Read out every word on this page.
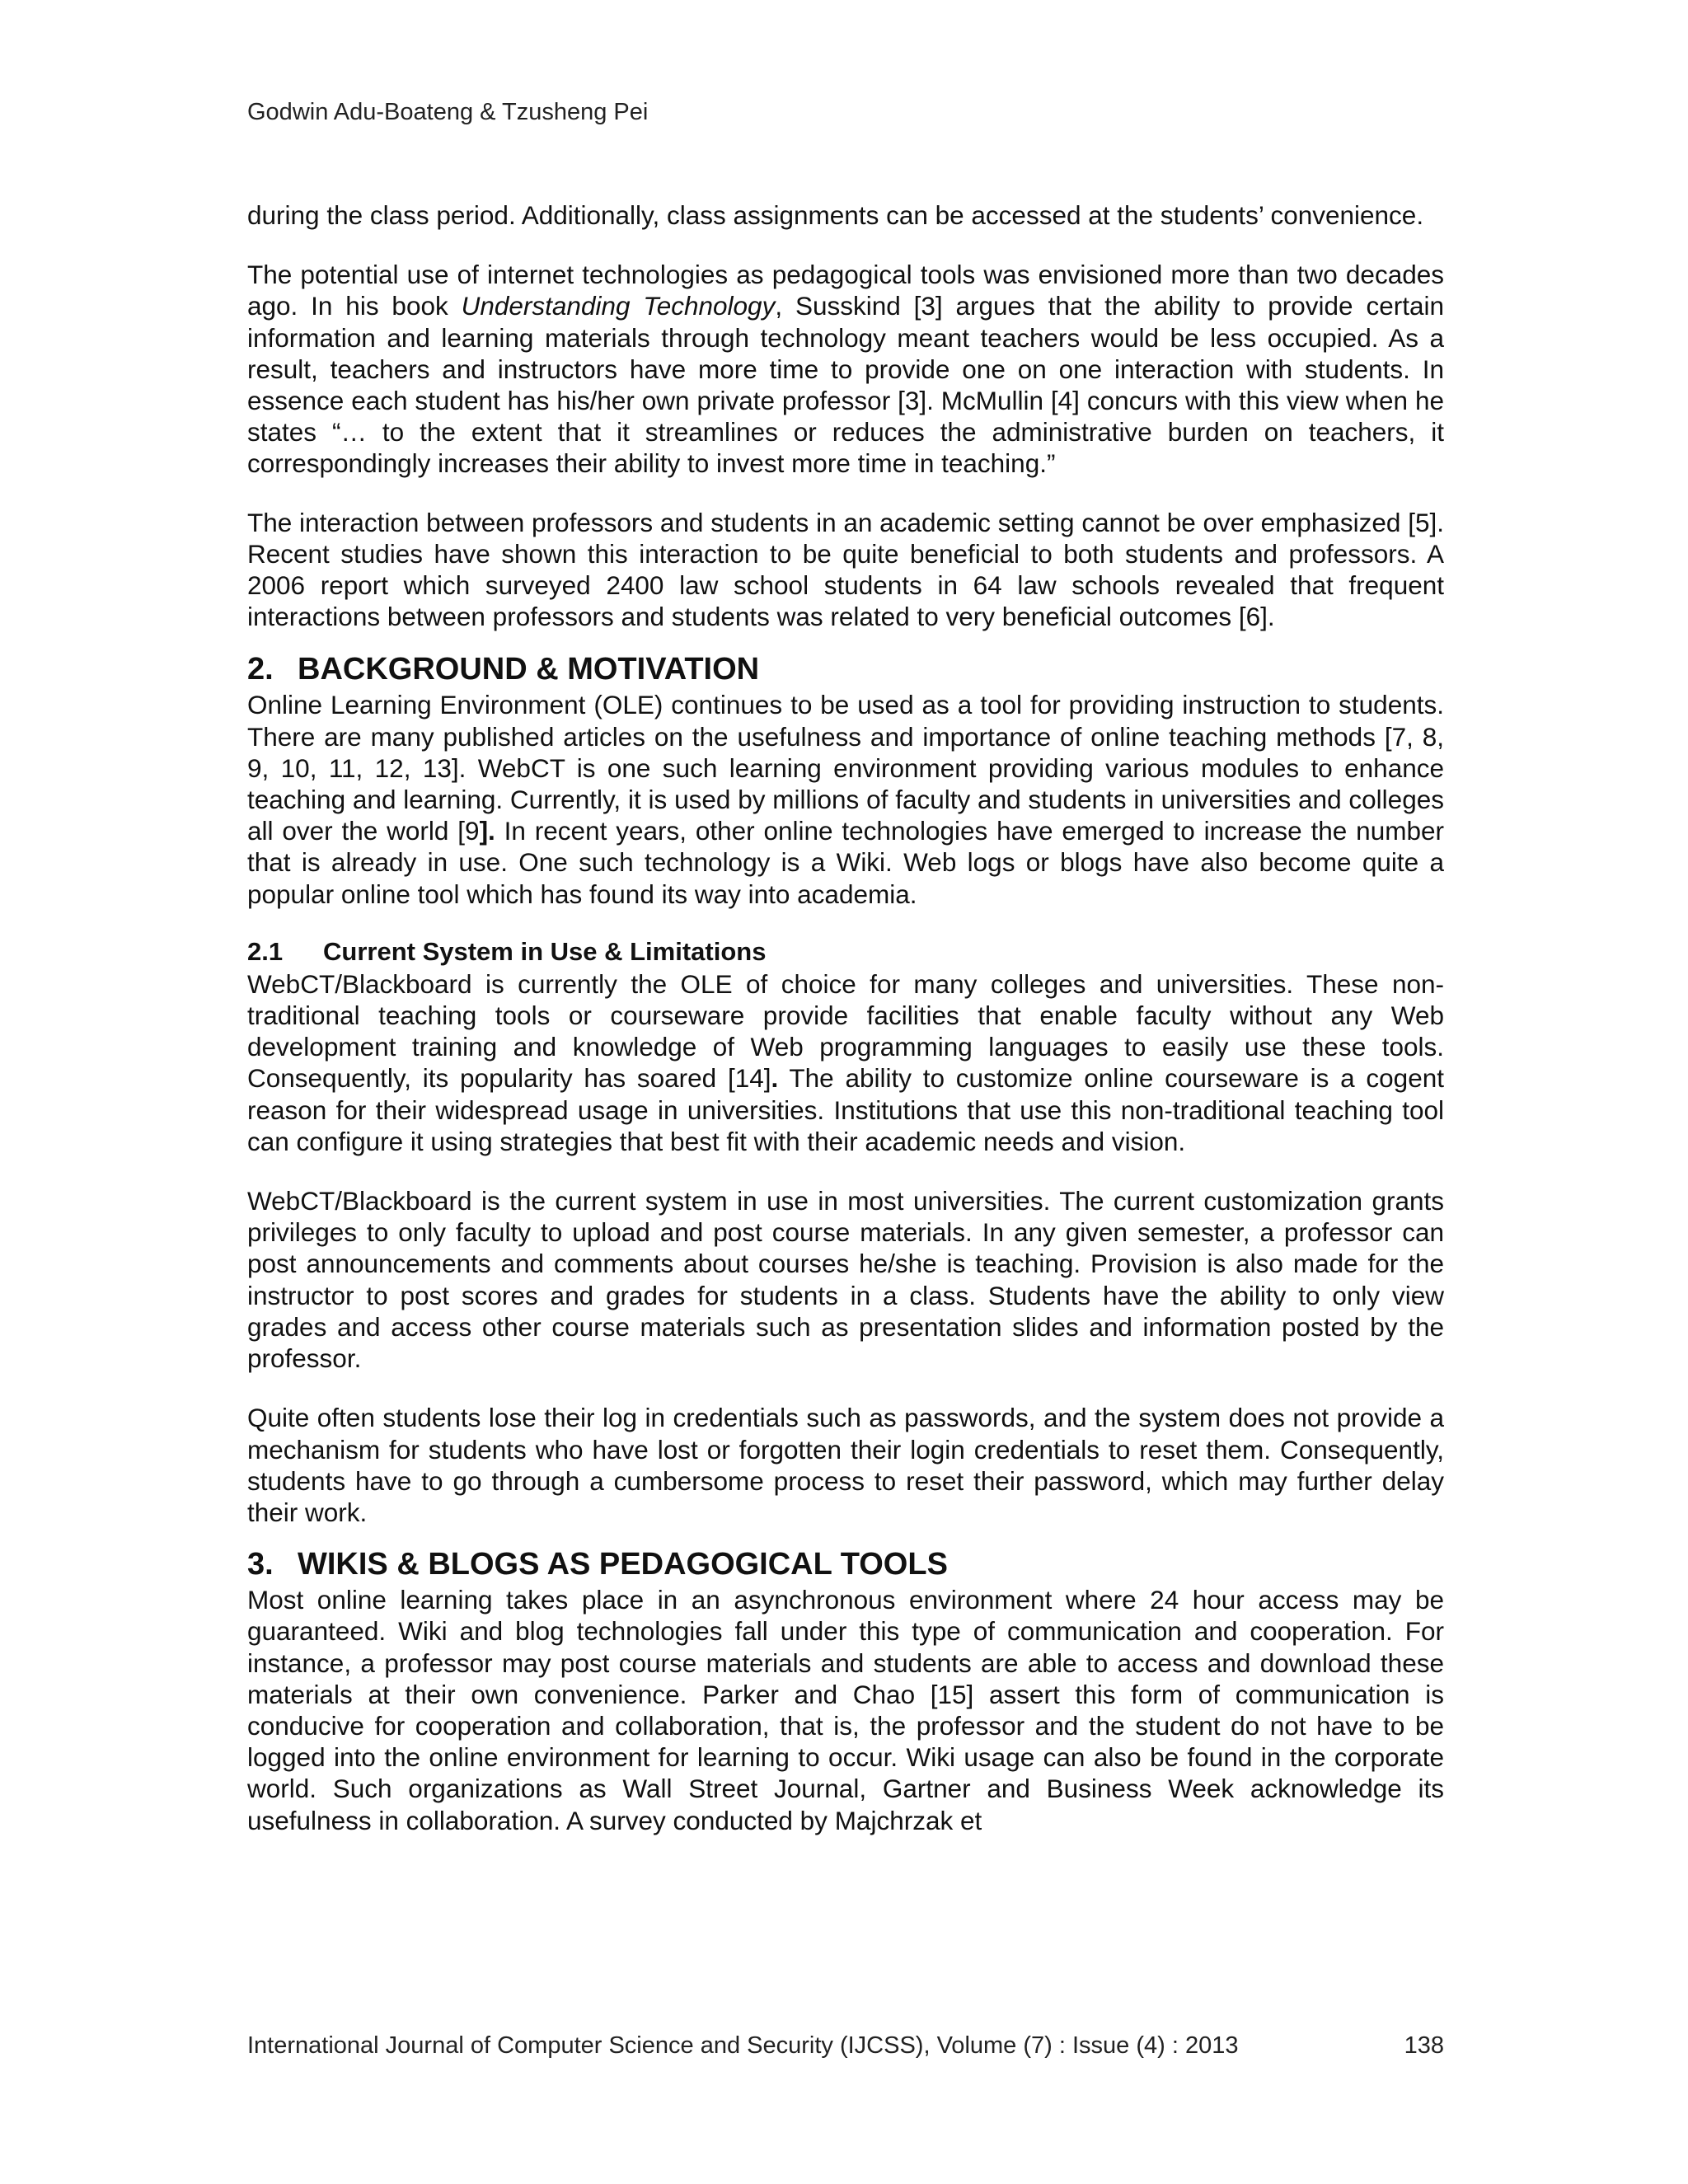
Godwin Adu-Boateng & Tzusheng Pei

during the class period. Additionally, class assignments can be accessed at the students’ convenience.

The potential use of internet technologies as pedagogical tools was envisioned more than two decades ago. In his book Understanding Technology, Susskind [3] argues that the ability to provide certain information and learning materials through technology meant teachers would be less occupied. As a result, teachers and instructors have more time to provide one on one interaction with students. In essence each student has his/her own private professor [3]. McMullin [4] concurs with this view when he states “… to the extent that it streamlines or reduces the administrative burden on teachers, it correspondingly increases their ability to invest more time in teaching.”

The interaction between professors and students in an academic setting cannot be over emphasized [5]. Recent studies have shown this interaction to be quite beneficial to both students and professors. A 2006 report which surveyed 2400 law school students in 64 law schools revealed that frequent interactions between professors and students was related to very beneficial outcomes [6].

2. BACKGROUND & MOTIVATION

Online Learning Environment (OLE) continues to be used as a tool for providing instruction to students. There are many published articles on the usefulness and importance of online teaching methods [7, 8, 9, 10, 11, 12, 13]. WebCT is one such learning environment providing various modules to enhance teaching and learning. Currently, it is used by millions of faculty and students in universities and colleges all over the world [9]. In recent years, other online technologies have emerged to increase the number that is already in use. One such technology is a Wiki. Web logs or blogs have also become quite a popular online tool which has found its way into academia.

2.1	Current System in Use & Limitations

WebCT/Blackboard is currently the OLE of choice for many colleges and universities. These non-traditional teaching tools or courseware provide facilities that enable faculty without any Web development training and knowledge of Web programming languages to easily use these tools. Consequently, its popularity has soared [14]. The ability to customize online courseware is a cogent reason for their widespread usage in universities. Institutions that use this non-traditional teaching tool can configure it using strategies that best fit with their academic needs and vision.

WebCT/Blackboard is the current system in use in most universities. The current customization grants privileges to only faculty to upload and post course materials. In any given semester, a professor can post announcements and comments about courses he/she is teaching. Provision is also made for the instructor to post scores and grades for students in a class. Students have the ability to only view grades and access other course materials such as presentation slides and information posted by the professor.

Quite often students lose their log in credentials such as passwords, and the system does not provide a mechanism for students who have lost or forgotten their login credentials to reset them. Consequently, students have to go through a cumbersome process to reset their password, which may further delay their work.

3. WIKIS & BLOGS AS PEDAGOGICAL TOOLS

Most online learning takes place in an asynchronous environment where 24 hour access may be guaranteed. Wiki and blog technologies fall under this type of communication and cooperation. For instance, a professor may post course materials and students are able to access and download these materials at their own convenience. Parker and Chao [15] assert this form of communication is conducive for cooperation and collaboration, that is, the professor and the student do not have to be logged into the online environment for learning to occur. Wiki usage can also be found in the corporate world. Such organizations as Wall Street Journal, Gartner and Business Week acknowledge its usefulness in collaboration. A survey conducted by Majchrzak et

International Journal of Computer Science and Security (IJCSS), Volume (7) : Issue (4) : 2013	138
